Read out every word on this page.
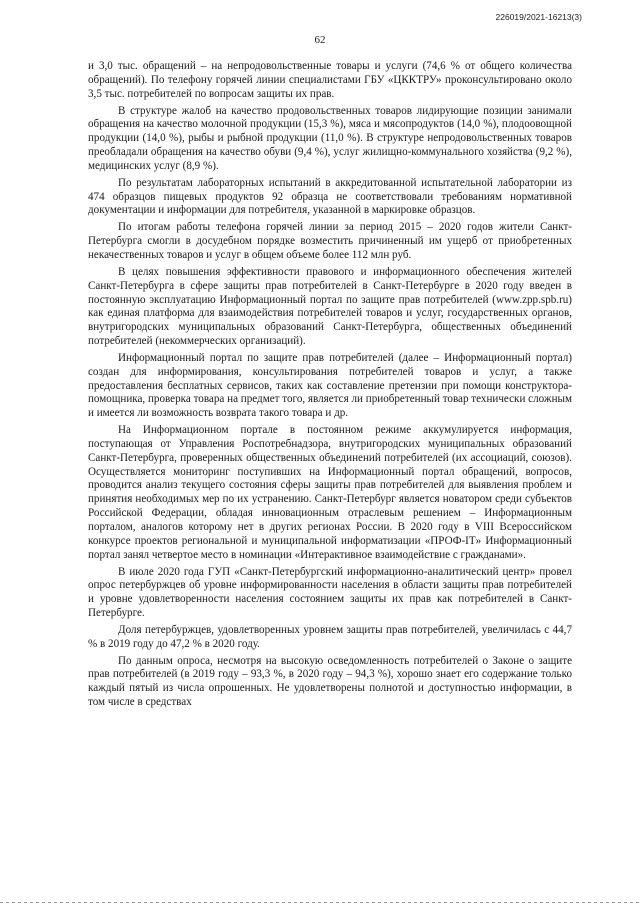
226019/2021-16213(3)
62

и 3,0 тыс. обращений – на непродовольственные товары и услуги (74,6 % от общего количества обращений). По телефону горячей линии специалистами ГБУ «ЦККТРУ» проконсультировано около 3,5 тыс. потребителей по вопросам защиты их прав.

В структуре жалоб на качество продовольственных товаров лидирующие позиции занимали обращения на качество молочной продукции (15,3 %), мяса и мясопродуктов (14,0 %), плодоовощной продукции (14,0 %), рыбы и рыбной продукции (11,0 %). В структуре непродовольственных товаров преобладали обращения на качество обуви (9,4 %), услуг жилищно-коммунального хозяйства (9,2 %), медицинских услуг (8,9 %).

По результатам лабораторных испытаний в аккредитованной испытательной лаборатории из 474 образцов пищевых продуктов 92 образца не соответствовали требованиям нормативной документации и информации для потребителя, указанной в маркировке образцов.

По итогам работы телефона горячей линии за период 2015 – 2020 годов жители Санкт-Петербурга смогли в досудебном порядке возместить причиненный им ущерб от приобретенных некачественных товаров и услуг в общем объеме более 112 млн руб.

В целях повышения эффективности правового и информационного обеспечения жителей Санкт-Петербурга в сфере защиты прав потребителей в Санкт-Петербурге в 2020 году введен в постоянную эксплуатацию Информационный портал по защите прав потребителей (www.zpp.spb.ru) как единая платформа для взаимодействия потребителей товаров и услуг, государственных органов, внутригородских муниципальных образований Санкт-Петербурга, общественных объединений потребителей (некоммерческих организаций).

Информационный портал по защите прав потребителей (далее – Информационный портал) создан для информирования, консультирования потребителей товаров и услуг, а также предоставления бесплатных сервисов, таких как составление претензии при помощи конструктора-помощника, проверка товара на предмет того, является ли приобретенный товар технически сложным и имеется ли возможность возврата такого товара и др.

На Информационном портале в постоянном режиме аккумулируется информация, поступающая от Управления Роспотребнадзора, внутригородских муниципальных образований Санкт-Петербурга, проверенных общественных объединений потребителей (их ассоциаций, союзов). Осуществляется мониторинг поступивших на Информационный портал обращений, вопросов, проводится анализ текущего состояния сферы защиты прав потребителей для выявления проблем и принятия необходимых мер по их устранению. Санкт-Петербург является новатором среди субъектов Российской Федерации, обладая инновационным отраслевым решением – Информационным порталом, аналогов которому нет в других регионах России. В 2020 году в VIII Всероссийском конкурсе проектов региональной и муниципальной информатизации «ПРОФ-IT» Информационный портал занял четвертое место в номинации «Интерактивное взаимодействие с гражданами».

В июле 2020 года ГУП «Санкт-Петербургский информационно-аналитический центр» провел опрос петербуржцев об уровне информированности населения в области защиты прав потребителей и уровне удовлетворенности населения состоянием защиты их прав как потребителей в Санкт-Петербурге.

Доля петербуржцев, удовлетворенных уровнем защиты прав потребителей, увеличилась с 44,7 % в 2019 году до 47,2 % в 2020 году.

По данным опроса, несмотря на высокую осведомленность потребителей о Законе о защите прав потребителей (в 2019 году – 93,3 %, в 2020 году – 94,3 %), хорошо знает его содержание только каждый пятый из числа опрошенных. Не удовлетворены полнотой и доступностью информации, в том числе в средствах
